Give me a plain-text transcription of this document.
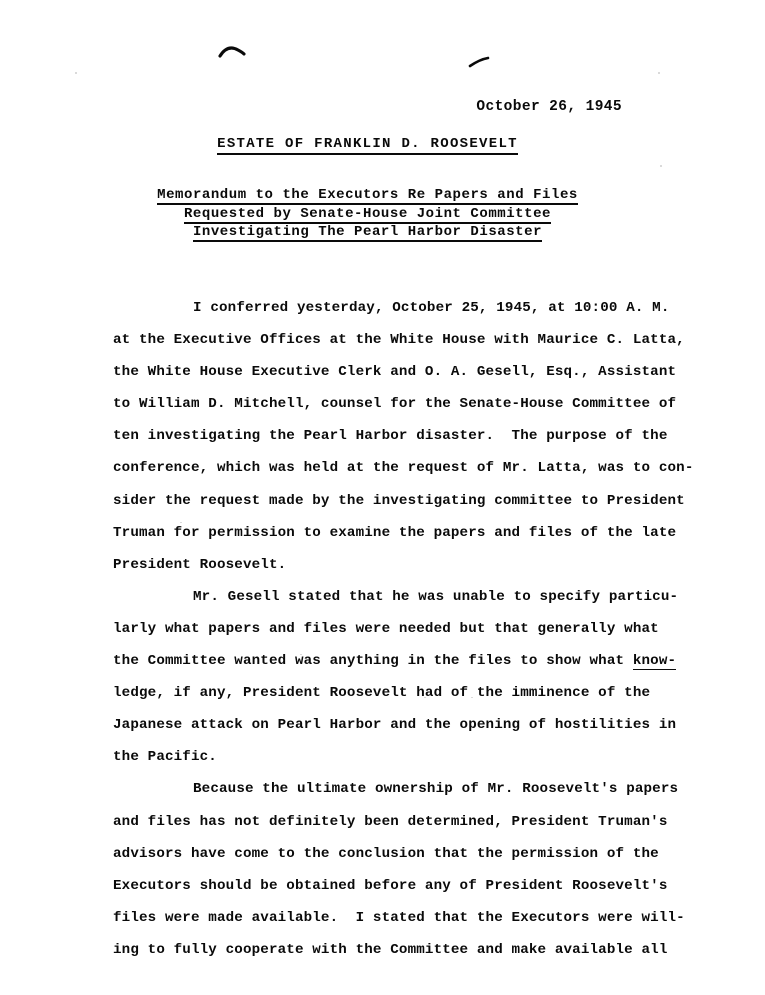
October 26, 1945
ESTATE OF FRANKLIN D. ROOSEVELT
Memorandum to the Executors Re Papers and Files
Requested by Senate-House Joint Committee
Investigating The Pearl Harbor Disaster
I conferred yesterday, October 25, 1945, at 10:00 A. M.
at the Executive Offices at the White House with Maurice C. Latta,
the White House Executive Clerk and O. A. Gesell, Esq., Assistant
to William D. Mitchell, counsel for the Senate-House Committee of
ten investigating the Pearl Harbor disaster.  The purpose of the
conference, which was held at the request of Mr. Latta, was to con-
sider the request made by the investigating committee to President
Truman for permission to examine the papers and files of the late
President Roosevelt.
Mr. Gesell stated that he was unable to specify particu-
larly what papers and files were needed but that generally what
the Committee wanted was anything in the files to show what know-
ledge, if any, President Roosevelt had of the imminence of the
Japanese attack on Pearl Harbor and the opening of hostilities in
the Pacific.
Because the ultimate ownership of Mr. Roosevelt's papers
and files has not definitely been determined, President Truman's
advisors have come to the conclusion that the permission of the
Executors should be obtained before any of President Roosevelt's
files were made available.  I stated that the Executors were will-
ing to fully cooperate with the Committee and make available all
